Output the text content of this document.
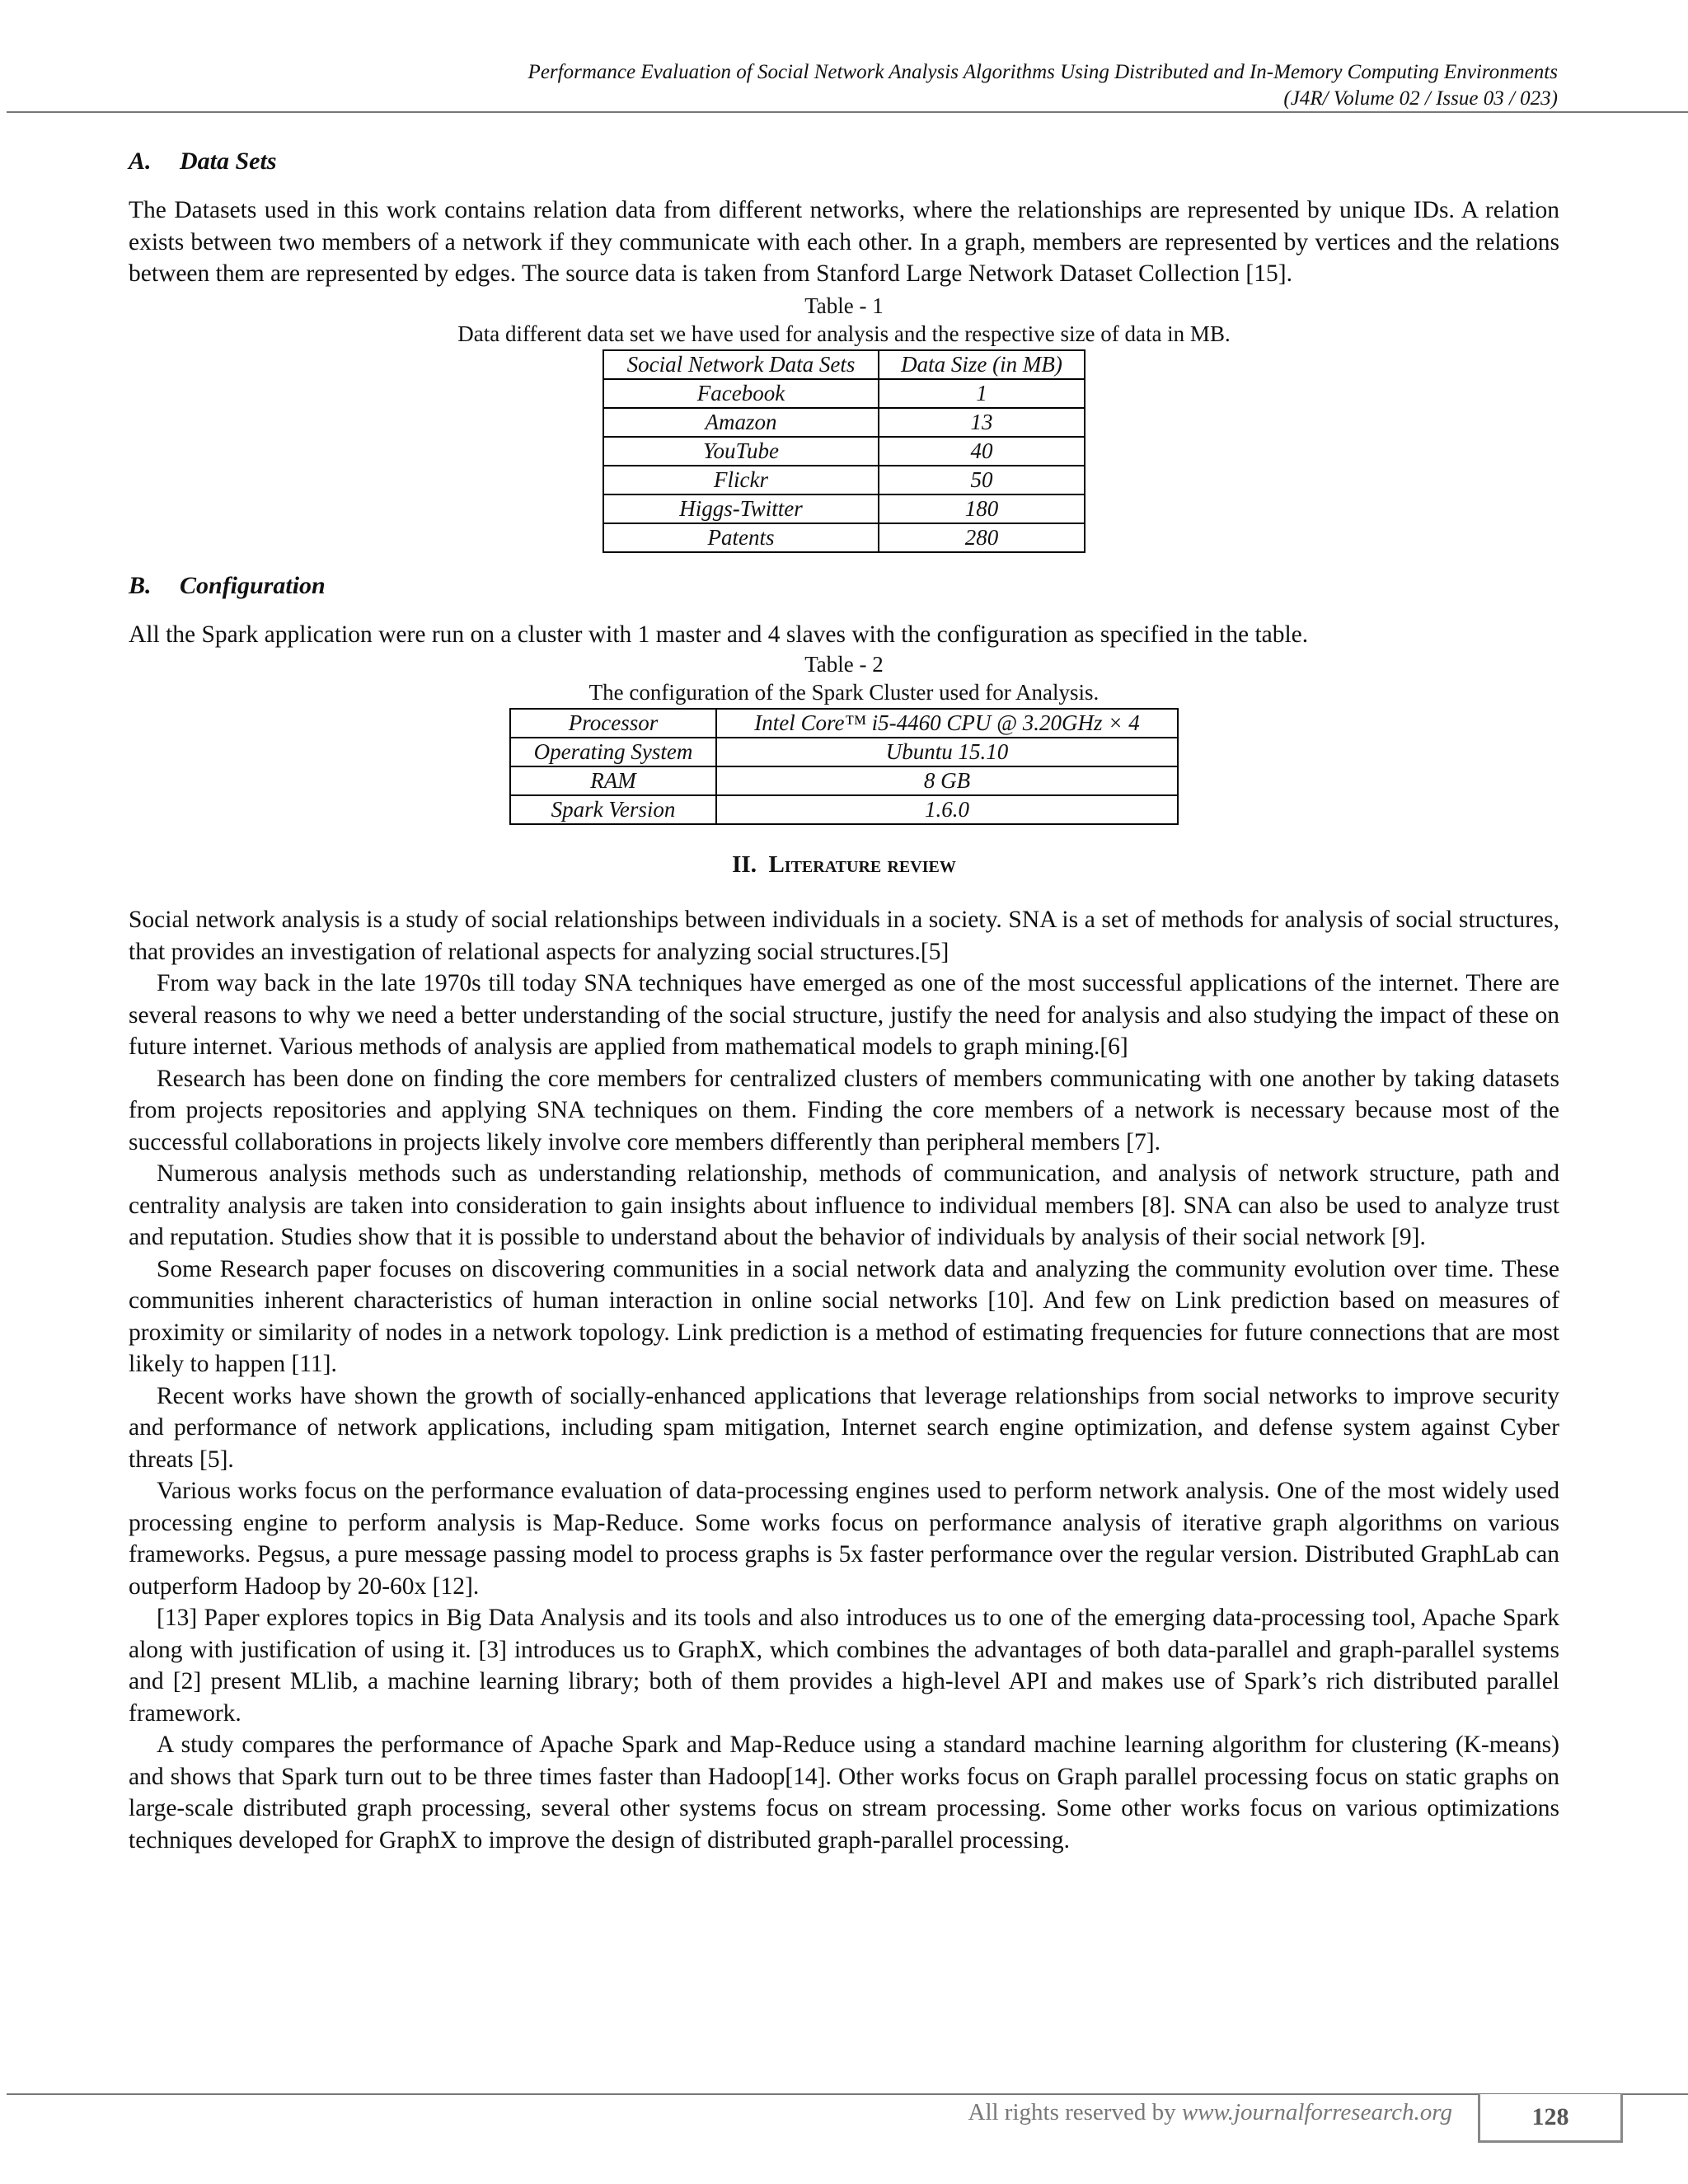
Performance Evaluation of Social Network Analysis Algorithms Using Distributed and In-Memory Computing Environments
(J4R/ Volume 02 / Issue 03 / 023)
A. Data Sets

The Datasets used in this work contains relation data from different networks, where the relationships are represented by unique IDs. A relation exists between two members of a network if they communicate with each other. In a graph, members are represented by vertices and the relations between them are represented by edges. The source data is taken from Stanford Large Network Dataset Collection [15].

Table - 1
Data different data set we have used for analysis and the respective size of data in MB.
Social Network Data Sets	Data Size (in MB)
Facebook	1
Amazon	13
YouTube	40
Flickr	50
Higgs-Twitter	180
Patents	280
B. Configuration

All the Spark application were run on a cluster with 1 master and 4 slaves with the configuration as specified in the table.

Table - 2
The configuration of the Spark Cluster used for Analysis.
Processor	Intel Core™ i5-4460 CPU @ 3.20GHz × 4
Operating System	Ubuntu 15.10
RAM	8 GB
Spark Version	1.6.0
II. Literature review

Social network analysis is a study of social relationships between individuals in a society. SNA is a set of methods for analysis of social structures, that provides an investigation of relational aspects for analyzing social structures.[5]

From way back in the late 1970s till today SNA techniques have emerged as one of the most successful applications of the internet. There are several reasons to why we need a better understanding of the social structure, justify the need for analysis and also studying the impact of these on future internet. Various methods of analysis are applied from mathematical models to graph mining.[6]

Research has been done on finding the core members for centralized clusters of members communicating with one another by taking datasets from projects repositories and applying SNA techniques on them. Finding the core members of a network is necessary because most of the successful collaborations in projects likely involve core members differently than peripheral members [7].

Numerous analysis methods such as understanding relationship, methods of communication, and analysis of network structure, path and centrality analysis are taken into consideration to gain insights about influence to individual members [8]. SNA can also be used to analyze trust and reputation. Studies show that it is possible to understand about the behavior of individuals by analysis of their social network [9].

Some Research paper focuses on discovering communities in a social network data and analyzing the community evolution over time. These communities inherent characteristics of human interaction in online social networks [10]. And few on Link prediction based on measures of proximity or similarity of nodes in a network topology. Link prediction is a method of estimating frequencies for future connections that are most likely to happen [11].

Recent works have shown the growth of socially-enhanced applications that leverage relationships from social networks to improve security and performance of network applications, including spam mitigation, Internet search engine optimization, and defense system against Cyber threats [5].

Various works focus on the performance evaluation of data-processing engines used to perform network analysis. One of the most widely used processing engine to perform analysis is Map-Reduce. Some works focus on performance analysis of iterative graph algorithms on various frameworks. Pegsus, a pure message passing model to process graphs is 5x faster performance over the regular version. Distributed GraphLab can outperform Hadoop by 20-60x [12].

[13] Paper explores topics in Big Data Analysis and its tools and also introduces us to one of the emerging data-processing tool, Apache Spark along with justification of using it. [3] introduces us to GraphX, which combines the advantages of both data-parallel and graph-parallel systems and [2] present MLlib, a machine learning library; both of them provides a high-level API and makes use of Spark’s rich distributed parallel framework.

A study compares the performance of Apache Spark and Map-Reduce using a standard machine learning algorithm for clustering (K-means) and shows that Spark turn out to be three times faster than Hadoop[14]. Other works focus on Graph parallel processing focus on static graphs on large-scale distributed graph processing, several other systems focus on stream processing. Some other works focus on various optimizations techniques developed for GraphX to improve the design of distributed graph-parallel processing.

All rights reserved by www.journalforresearch.org	128
